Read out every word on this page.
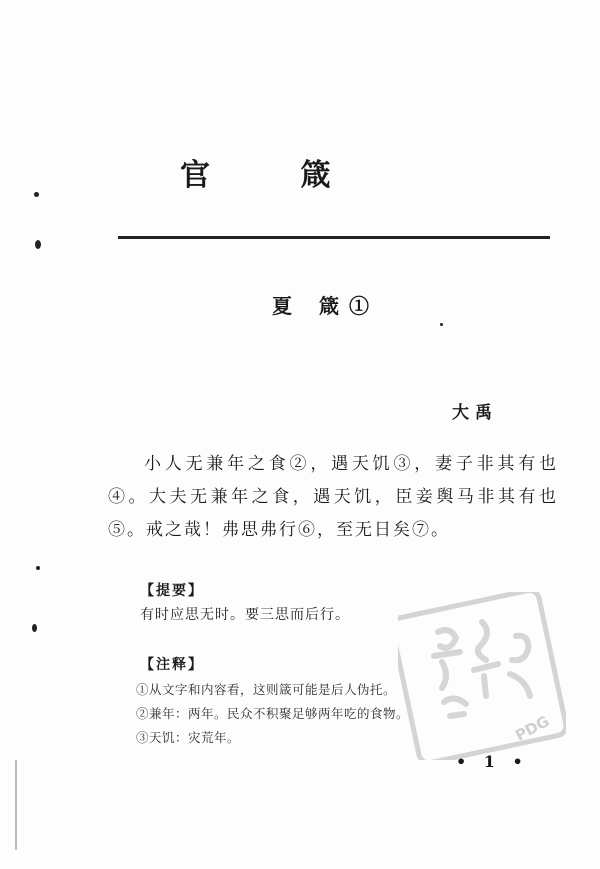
官 箴
夏 箴①
大禹

小人无兼年之食②，遇天饥③，妻子非其有也④。大夫无兼年之食，遇天饥，臣妾舆马非其有也⑤。戒之哉！弗思弗行⑥，至无日矣⑦。

【提要】
有时应思无时。要三思而后行。
【注释】
①从文字和内容看，这则箴可能是后人伪托。
②兼年：两年。民众不积聚足够两年吃的食物。
③天饥：灾荒年。	PDG
• 1 •
